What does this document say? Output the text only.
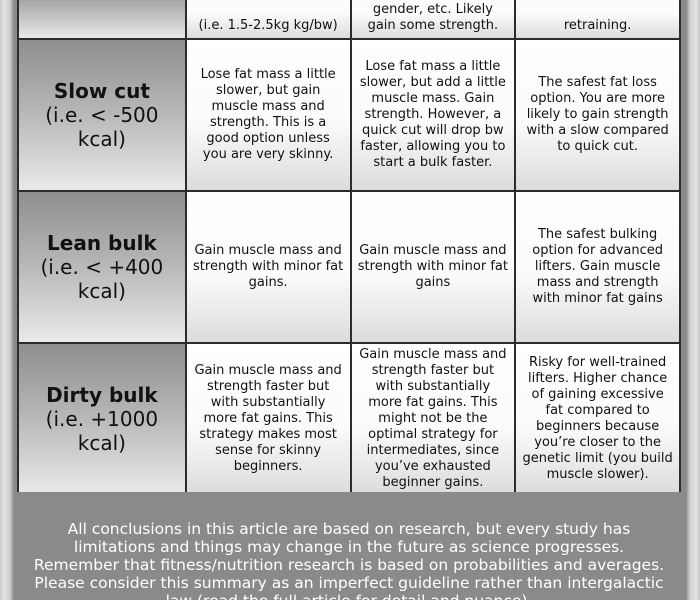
(i.e. 1.5-2.5kg kg/bw)
gender, etc. Likely gain some strength.	retraining.
Slow cut
(i.e. < -500 kcal)
Lose fat mass a little slower, but gain muscle mass and strength. This is a good option unless you are very skinny.
Lose fat mass a little slower, but add a little muscle mass. Gain strength. However, a quick cut will drop bw faster, allowing you to start a bulk faster.
The safest fat loss option. You are more likely to gain strength with a slow compared to quick cut.
Lean bulk
(i.e. < +400 kcal)
Gain muscle mass and strength with minor fat gains.
Gain muscle mass and strength with minor fat gains
The safest bulking option for advanced lifters. Gain muscle mass and strength with minor fat gains
Dirty bulk
(i.e. +1000 kcal)
Gain muscle mass and strength faster but with substantially more fat gains. This strategy makes most sense for skinny beginners.
Gain muscle mass and strength faster but with substantially more fat gains. This might not be the optimal strategy for intermediates, since you’ve exhausted beginner gains.
Risky for well-trained lifters. Higher chance of gaining excessive fat compared to beginners because you’re closer to the genetic limit (you build muscle slower).
All conclusions in this article are based on research, but every study has limitations and things may change in the future as science progresses. Remember that fitness/nutrition research is based on probabilities and averages. Please consider this summary as an imperfect guideline rather than intergalactic law (read the full article for detail and nuance).
